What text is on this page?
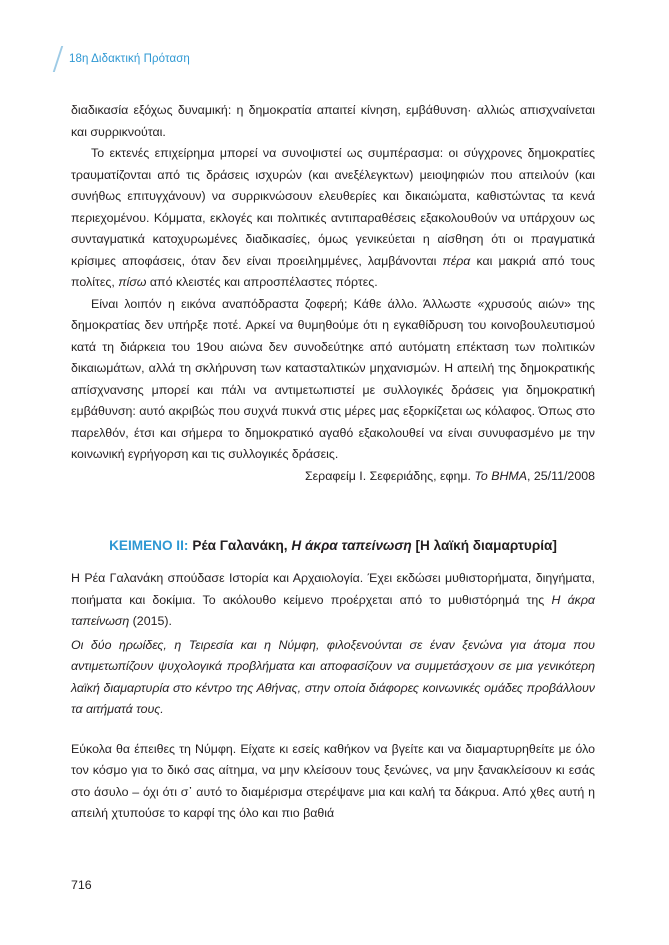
18η Διδακτική Πρόταση

διαδικασία εξόχως δυναμική: η δημοκρατία απαιτεί κίνηση, εμβάθυνση· αλλιώς απισχναίνεται και συρρικνούται.

Το εκτενές επιχείρημα μπορεί να συνοψιστεί ως συμπέρασμα: οι σύγχρονες δημοκρατίες τραυματίζονται από τις δράσεις ισχυρών (και ανεξέλεγκτων) μειοψηφιών που απειλούν (και συνήθως επιτυγχάνουν) να συρρικνώσουν ελευθερίες και δικαιώματα, καθιστώντας τα κενά περιεχομένου. Κόμματα, εκλογές και πολιτικές αντιπαραθέσεις εξακολουθούν να υπάρχουν ως συνταγματικά κατοχυρωμένες διαδικασίες, όμως γενικεύεται η αίσθηση ότι οι πραγματικά κρίσιμες αποφάσεις, όταν δεν είναι προειλημμένες, λαμβάνονται πέρα και μακριά από τους πολίτες, πίσω από κλειστές και απροσπέλαστες πόρτες.

Είναι λοιπόν η εικόνα αναπόδραστα ζοφερή; Κάθε άλλο. Άλλωστε «χρυσούς αιών» της δημοκρατίας δεν υπήρξε ποτέ. Αρκεί να θυμηθούμε ότι η εγκαθίδρυση του κοινοβουλευτισμού κατά τη διάρκεια του 19ου αιώνα δεν συνοδεύτηκε από αυτόματη επέκταση των πολιτικών δικαιωμάτων, αλλά τη σκλήρυνση των κατασταλτικών μηχανισμών. Η απειλή της δημοκρατικής απίσχνανσης μπορεί και πάλι να αντιμετωπιστεί με συλλογικές δράσεις για δημοκρατική εμβάθυνση: αυτό ακριβώς που συχνά πυκνά στις μέρες μας εξορκίζεται ως κόλαφος. Όπως στο παρελθόν, έτσι και σήμερα το δημοκρατικό αγαθό εξακολουθεί να είναι συνυφασμένο με την κοινωνική εγρήγορση και τις συλλογικές δράσεις.

Σεραφείμ Ι. Σεφεριάδης, εφημ. Το ΒΗΜΑ, 25/11/2008

ΚΕΙΜΕΝΟ ΙΙ: Ρέα Γαλανάκη, Η άκρα ταπείνωση [Η λαϊκή διαμαρτυρία]

Η Ρέα Γαλανάκη σπούδασε Ιστορία και Αρχαιολογία. Έχει εκδώσει μυθιστορήματα, διηγήματα, ποιήματα και δοκίμια. Το ακόλουθο κείμενο προέρχεται από το μυθιστόρημά της Η άκρα ταπείνωση (2015).

Οι δύο ηρωίδες, η Τειρεσία και η Νύμφη, φιλοξενούνται σε έναν ξενώνα για άτομα που αντιμετωπίζουν ψυχολογικά προβλήματα και αποφασίζουν να συμμετάσχουν σε μια γενικότερη λαϊκή διαμαρτυρία στο κέντρο της Αθήνας, στην οποία διάφορες κοινωνικές ομάδες προβάλλουν τα αιτήματά τους.

Εύκολα θα έπειθες τη Νύμφη. Είχατε κι εσείς καθήκον να βγείτε και να διαμαρτυρηθείτε με όλο τον κόσμο για το δικό σας αίτημα, να μην κλείσουν τους ξενώνες, να μην ξανακλείσουν κι εσάς στο άσυλο – όχι ότι σ᾽ αυτό το διαμέρισμα στερέψανε μια και καλή τα δάκρυα. Από χθες αυτή η απειλή χτυπούσε το καρφί της όλο και πιο βαθιά

716
